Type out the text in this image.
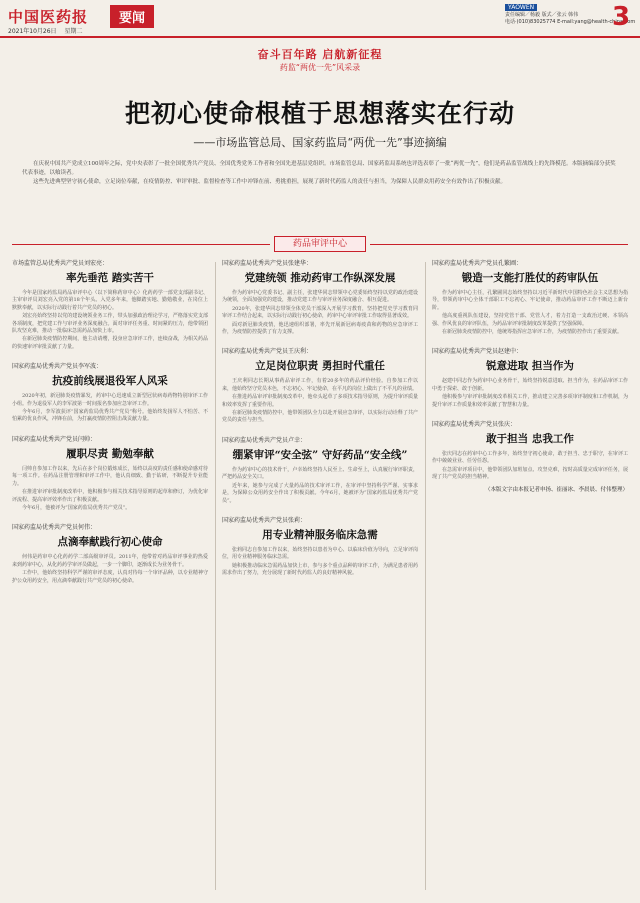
中国医药报	要闻
2021年10月26日 星期二
YAOWEN
责任编辑／杨毅 版式／张云 韩伟
电话·(010)83025774 E-mail:yang@health-china.com
3
奋斗百年路 启航新征程
药监“两优一先”风采录
把初心使命根植于思想落实在行动
——市场监管总局、国家药监局“两优一先”事迹摘编

在庆祝中国共产党成立100周年之际，党中央表彰了一批全国优秀共产党员、全国优秀党务工作者和全国先进基层党组织。市场监管总局、国家药监局系统也评选表彰了一批“两优一先”，他们是药品监管战线上的先锋模范。本版摘编部分获奖代表事迹，以飨读者。

这些先进典型坚守初心使命，立足岗位奉献，在疫情防控、审评审批、监督检查等工作中冲锋在前、勇挑重担，展现了新时代药监人的责任与担当，为保障人民群众用药安全有效作出了积极贡献。

药品审评中心
市场监管总局优秀共产党员刘宏亮：
率先垂范 踏实苦干

今年是国家药监局药品审评中心（以下简称药审中心）化药药学一部党支部副书记、主审审评员刘宏亮入党的第18个年头。入党多年来，他脚踏实地、勤勉敬业，在岗位上默默奉献，以实际行动践行着共产党员的初心。

刘宏亮始终坚持以党的建设统领业务工作，带头加强政治理论学习，严格落实党支部各项制度，把党建工作与审评业务深度融合。面对审评任务重、时间紧的压力，他带领团队攻坚克难，推动一批临床急需药品加快上市。

在新冠肺炎疫情防控期间，他主动请缨，投身应急审评工作，连续奋战，为相关药品的快速审评审批贡献了力量。

国家药监局优秀共产党员李军波：
抗疫前线展退役军人风采

2020年初，新冠肺炎疫情暴发，药审中心迅速成立新型冠状病毒药物特别审评工作小组。作为退役军人的李军波第一时间报名参加应急审评工作。

今年6月，李军波获评“国家药监局优秀共产党员”称号。他始终发扬军人不怕苦、不怕累的优良作风，冲锋在前，为打赢疫情防控阻击战贡献力量。

国家药监局优秀共产党员闫帅：
履职尽责 勤勉奉献

闫帅自参加工作以来，先后在多个岗位锻炼成长，始终以高度的责任感和使命感对待每一项工作。在药品注册管理和审评工作中，他认真细致、勤于钻研，不断提升专业能力。

在推进审评审批制度改革中，他积极参与相关技术指导原则的起草和修订，为优化审评流程、提高审评效率作出了积极贡献。

今年6月，他被评为“国家药监局优秀共产党员”。

国家药监局优秀共产党员何伟：
点滴奉献践行初心使命

何伟是药审中心化药药学二部高级审评员。2011年，他带着对药品审评事业的热爱来到药审中心，从化药药学审评员做起，一步一个脚印，逐渐成长为业务骨干。

工作中，他始终坚持科学严谨的审评态度，认真对待每一个审评品种，以专业精神守护公众用药安全，用点滴奉献践行共产党员的初心使命。

国家药监局优秀共产党员张建华：
党建统领 推动药审工作纵深发展

作为药审中心党委书记、副主任，张建华同志带领中心党委始终坚持以党的政治建设为统领，全面加强党的建设，推动党建工作与审评业务深度融合、相互促进。

2020年，张建华同志带领全体党员干部深入开展学习教育，坚持把党史学习教育同审评工作结合起来，以实际行动践行初心使命，药审中心审评审批工作取得显著成效。

面对新冠肺炎疫情，他迅速组织部署，率先开展新冠病毒疫苗和药物的应急审评工作，为疫情防控提供了有力支撑。

国家药监局优秀共产党员王庆利：
立足岗位职责 勇担时代重任

王庆利同志长期从事药品审评工作，有着20多年的药品评价经验。自参加工作以来，他始终坚守党员本色，不忘初心、牢记使命，在平凡的岗位上做出了不平凡的业绩。

在推进药品审评审批制度改革中，他牵头起草了多项技术指导原则，为提升审评质量和效率发挥了重要作用。

在新冠肺炎疫情防控中，他带领团队全力以赴开展应急审评，以实际行动诠释了共产党员的责任与担当。

国家药监局优秀共产党员卢幸：
绷紧审评“安全弦” 守好药品“安全线”

作为药审中心的技术骨干，卢幸始终坚持人民至上、生命至上，认真履行审评职责，严把药品安全关口。

近年来，她参与完成了大量药品的技术审评工作，在审评中坚持科学严谨、实事求是，为保障公众用药安全作出了积极贡献。今年6月，她被评为“国家药监局优秀共产党员”。

国家药监局优秀共产党员张莉：
用专业精神服务临床急需

张莉同志自参加工作以来，始终坚持以患者为中心、以临床价值为导向，立足审评岗位，用专业精神服务临床急需。

她积极推动临床急需药品加快上市，参与多个重点品种的审评工作，为满足患者用药需求作出了努力，充分展现了新时代药监人的良好精神风貌。

国家药监局优秀共产党员孔繁圃：
锻造一支能打胜仗的药审队伍

作为药审中心主任，孔繁圃同志始终坚持以习近平新时代中国特色社会主义思想为指导，带领药审中心全体干部职工不忘初心、牢记使命，推动药品审评工作不断迈上新台阶。

他高度重视队伍建设，坚持党管干部、党管人才，着力打造一支政治过硬、本领高强、作风优良的审评队伍，为药品审评审批制度改革提供了坚强保障。

在新冠肺炎疫情防控中，他统筹指挥应急审评工作，为疫情防控作出了重要贡献。

国家药监局优秀共产党员赵建中：
锐意进取 担当作为

赵建中同志作为药审中心业务骨干，始终坚持锐意进取、担当作为，在药品审评工作中勇于探索、敢于创新。

他积极参与审评审批制度改革相关工作，推动建立完善多项审评制度和工作机制，为提升审评工作质量和效率贡献了智慧和力量。

国家药监局优秀共产党员张庆：
敢于担当 忠我工作

张庆同志在药审中心工作多年，始终坚守初心使命，敢于担当、忠于职守，在审评工作中兢兢业业、任劳任怨。

在急需审评项目中，他带领团队加班加点、攻坚克难，按时高质量完成审评任务，展现了共产党员的担当精神。

（本版文字由本报记者申扬、崔丽冰、李晨晨、付伟整理）
